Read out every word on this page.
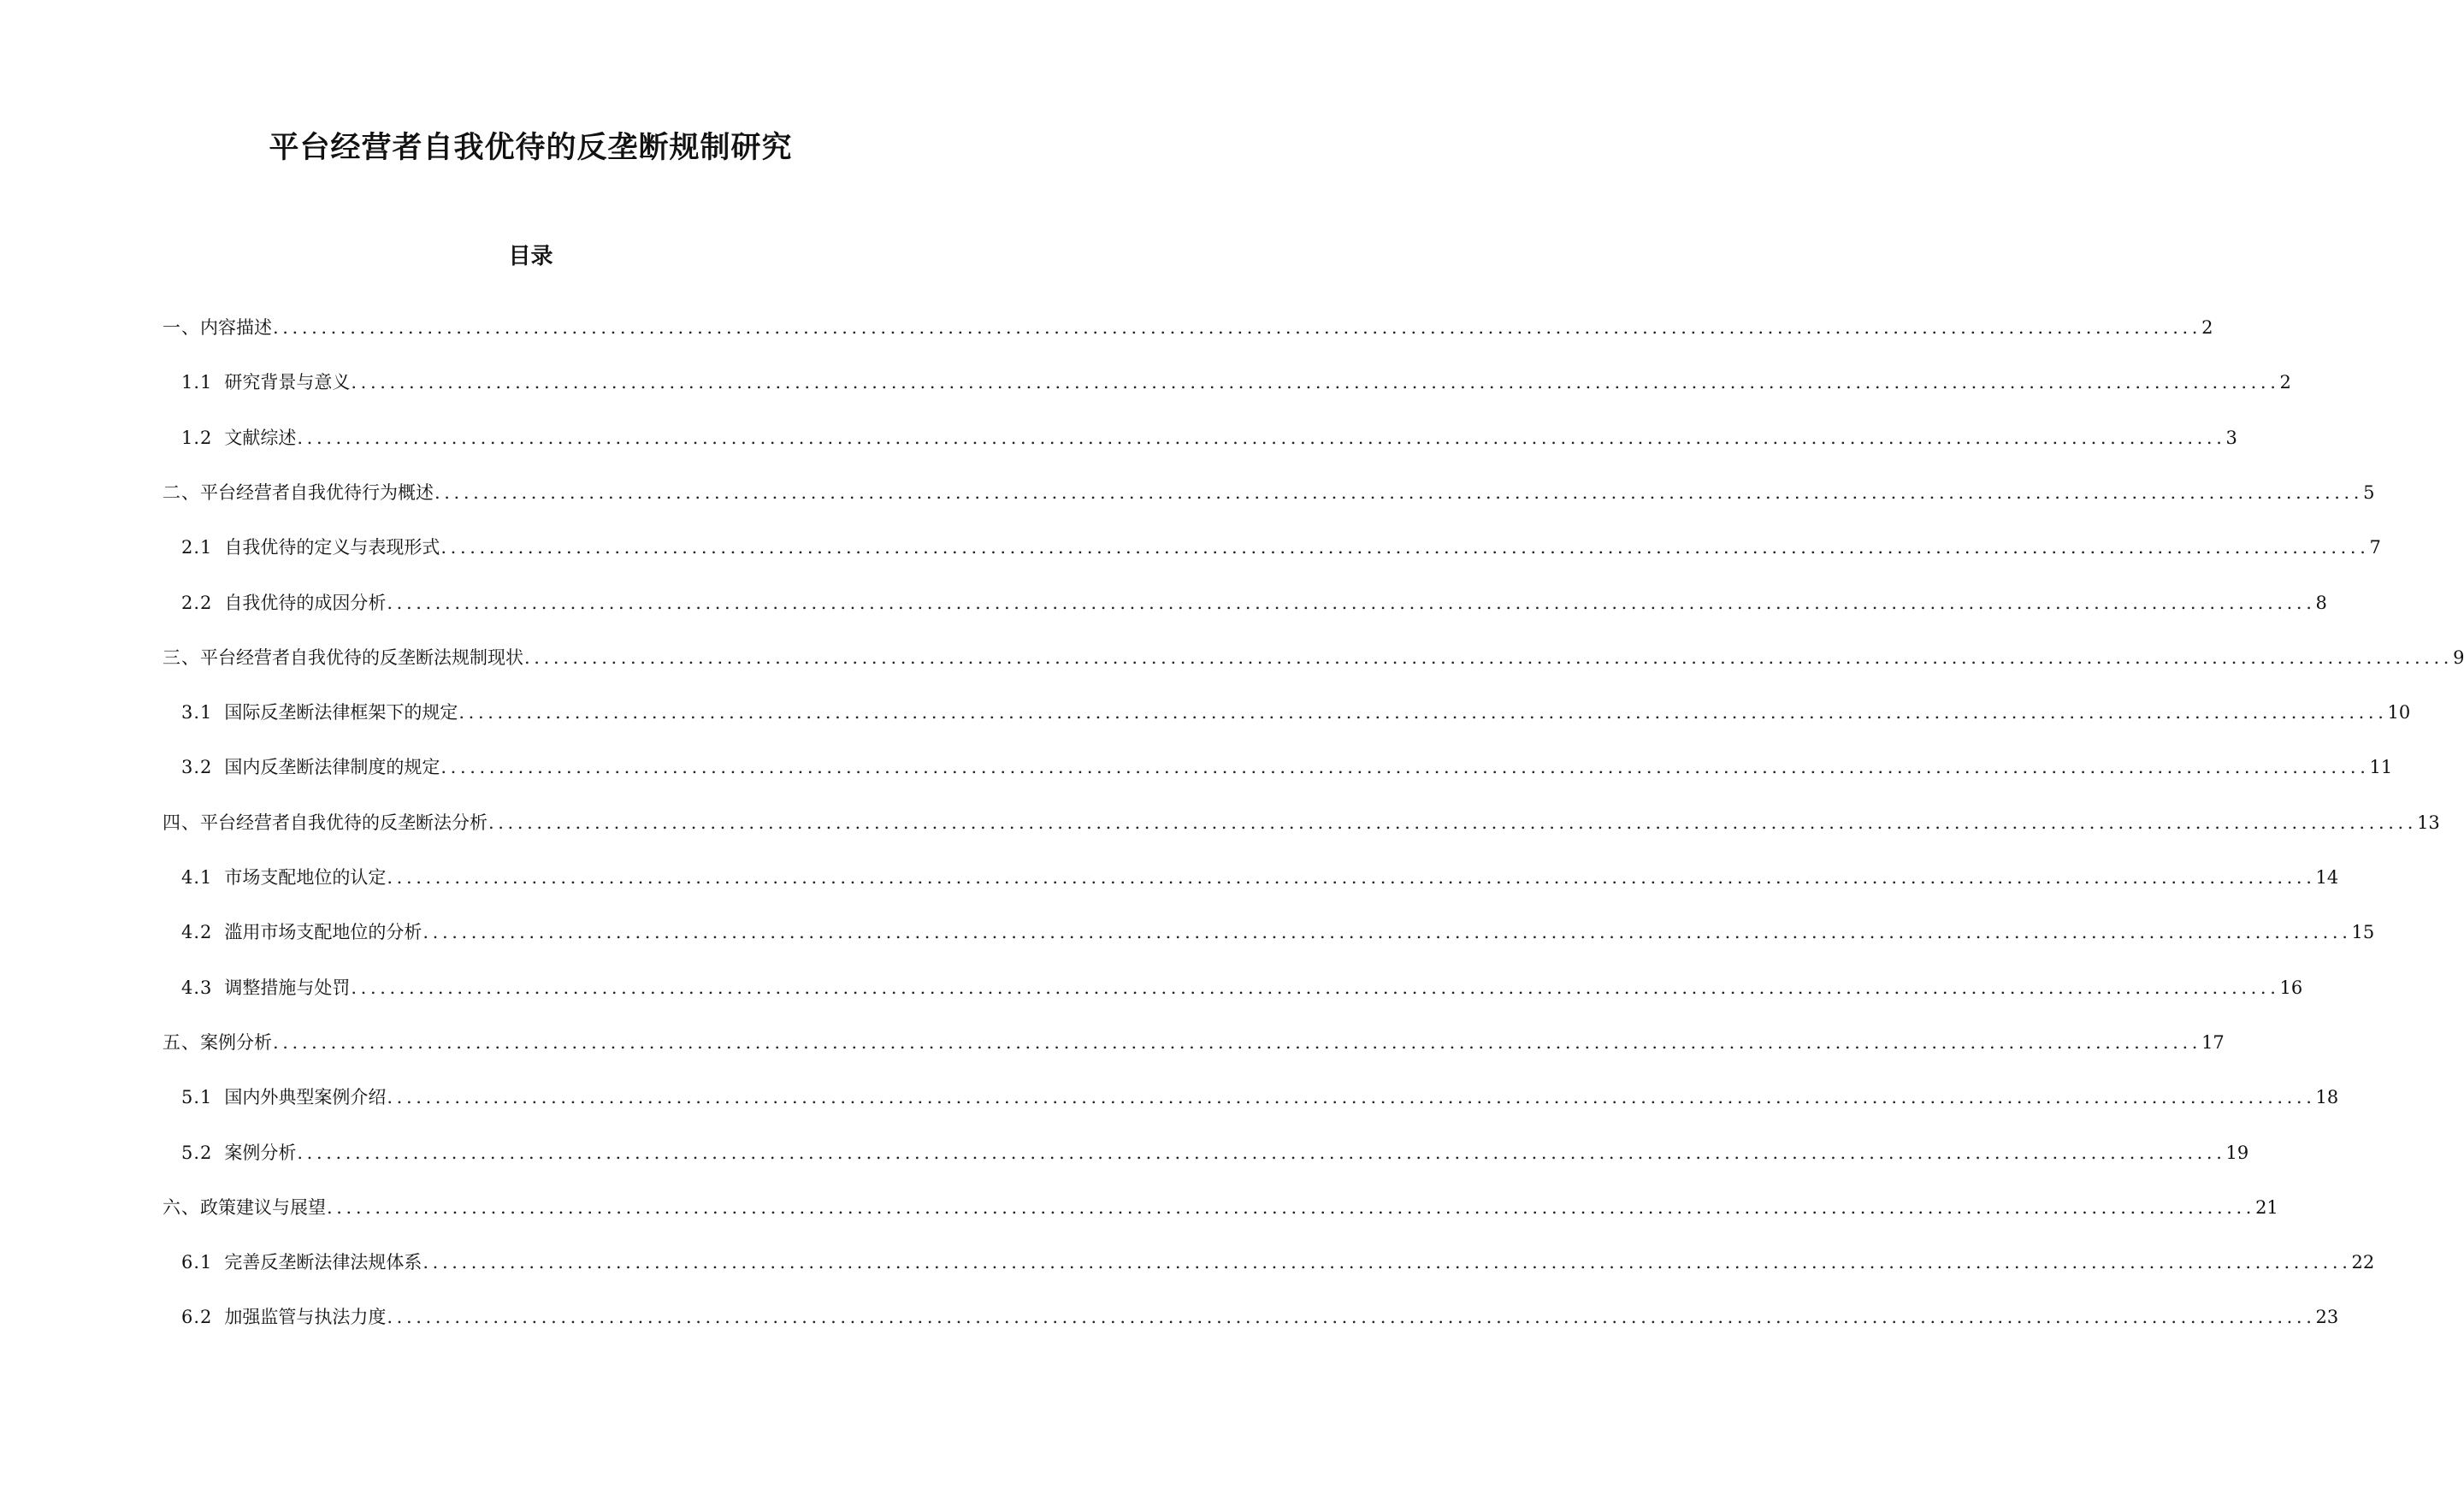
平台经营者自我优待的反垄断规制研究
目录
一、 内容描述 ........................................................................................................................................................................................................ 2
1.1 研究背景与意义 ........................................................................................................................................................................................................ 2
1.2 文献综述 ........................................................................................................................................................................................................ 3
二、 平台经营者自我优待行为概述 ........................................................................................................................................................................................................ 5
2.1 自我优待的定义与表现形式 ........................................................................................................................................................................................................ 7
2.2 自我优待的成因分析 ........................................................................................................................................................................................................ 8
三、 平台经营者自我优待的反垄断法规制现状 ........................................................................................................................................................................................................ 9
3.1 国际反垄断法律框架下的规定 ........................................................................................................................................................................................................ 10
3.2 国内反垄断法律制度的规定 ........................................................................................................................................................................................................ 11
四、 平台经营者自我优待的反垄断法分析 ........................................................................................................................................................................................................ 13
4.1 市场支配地位的认定 ........................................................................................................................................................................................................ 14
4.2 滥用市场支配地位的分析 ........................................................................................................................................................................................................ 15
4.3 调整措施与处罚 ........................................................................................................................................................................................................ 16
五、 案例分析 ........................................................................................................................................................................................................ 17
5.1 国内外典型案例介绍 ........................................................................................................................................................................................................ 18
5.2 案例分析 ........................................................................................................................................................................................................ 19
六、 政策建议与展望 ........................................................................................................................................................................................................ 21
6.1 完善反垄断法律法规体系 ........................................................................................................................................................................................................ 22
6.2 加强监管与执法力度 ........................................................................................................................................................................................................ 23
